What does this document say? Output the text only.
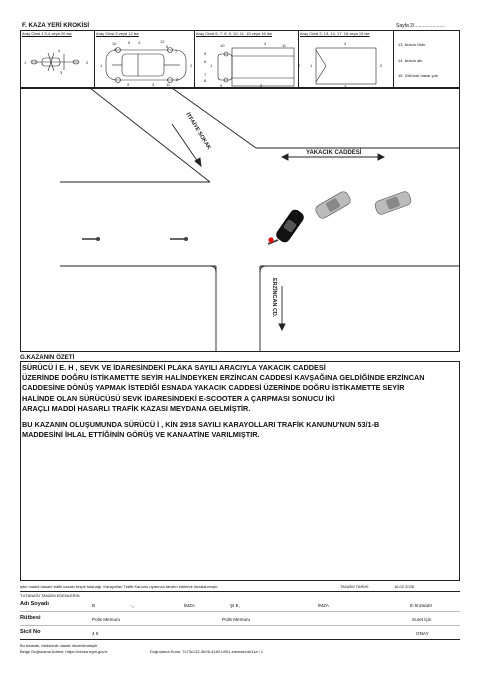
F. KAZA YERİ KROKİSİ	Sayfa 2/......................
Araç Cinsi 1,3,4 veya 20 ise	Araç Cinsi 5 veya 12 ise	Araç Cinsi 6, 7, 8, 9, 10, 11, 15 veya 16 ise	Araç Cinsi 2, 13, 14, 17, 18 veya 19 ise
1	2
4
3
1	2
10	5 4	12
6
9	7
9	3	11
8
1	2
5
6
7
8
10	4
9	3
11
1	2
4
3
13 Aracın Üstü
14 Aracın altı
15 Görünür hasar yok
İTFAİYE SOKAK
YAKACIK CADDESİ
ERZİNCAN CD.
G.KAZANIN ÖZETİ
SÜRÜCÜ İ E. H , SEVK VE İDARESİNDEKİ PLAKA SAYILI ARACIYLA YAKACIK CADDESİ
ÜZERİNDE DOĞRU İSTİKAMETTE SEYİR HALİNDEYKEN ERZİNCAN CADDESİ KAVŞAĞINA GELDİĞİNDE ERZİNCAN
CADDESİNE DÖNÜŞ YAPMAK İSTEDİĞİ ESNADA YAKACIK CADDESİ ÜZERİNDE DOĞRU İSTİKAMETTE SEYİR
HALİNDE OLAN SÜRÜCÜSÜ SEVK İDARESİNDEKİ E-SCOOTER A ÇARPMASI SONUCU İKİ
ARAÇLI MADDİ HASARLI TRAFİK KAZASI MEYDANA GELMİŞTİR.
BU KAZANIN OLUŞUMUNDA SÜRÜCÜ İ , KİN 2918 SAYILI KARAYOLLARI TRAFİK KANUNU'NUN 53/1-B
MADDESİNİ İHLAL ETTİĞİNİN GÖRÜŞ VE KANAATİNE VARILMIŞTIR.
işbu maddi hasarlı trafik kazası tespit tutanağı, Karayolları Trafik Kanunu uyarınca tanzim edilerek imzalanmıştır.	TANZİM TARİHİ	16.02.2026
TUTANAĞI TANZİM EDENLERİN
Adı Soyadı	B	-,,	İMZA	ŞI E,	İMZA	E-İmzalıdır
Rütbesi	Polis Memuru	Polis Memuru	Suret İçin
Sicil No	4 6	ONAY
Bu tutanak, elektronik olarak düzenlenmiştir
Belge Doğrulama Adresi: https://eimza.egm.gov.tr	Doğrulama Kodu: 7c73c132-3b26-4182-b901-edceaec4e11a \ 1
